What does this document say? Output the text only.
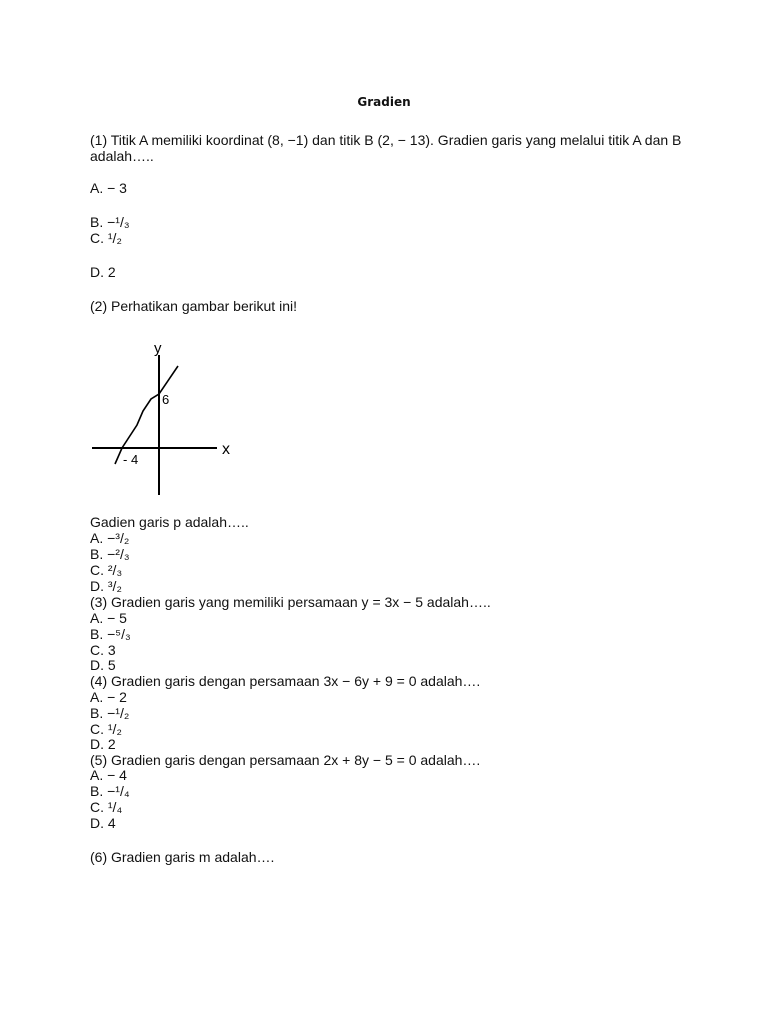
Gradien
(1) Titik A memiliki koordinat (8, −1) dan titik B (2, − 13). Gradien garis yang melalui titik A dan B
adalah…..
A. − 3
B. −¹/₃
C. ¹/₂
D. 2
(2) Perhatikan gambar berikut ini!
y
x
6
- 4
Gadien garis p adalah…..
A. −³/₂
B. −²/₃
C. ²/₃
D. ³/₂
(3) Gradien garis yang memiliki persamaan y = 3x − 5 adalah…..
A. − 5
B. −⁵/₃
C. 3
D. 5
(4) Gradien garis dengan persamaan 3x − 6y + 9 = 0 adalah….
A. − 2
B. −¹/₂
C. ¹/₂
D. 2
(5) Gradien garis dengan persamaan 2x + 8y − 5 = 0 adalah….
A. − 4
B. −¹/₄
C. ¹/₄
D. 4
(6) Gradien garis m adalah….
